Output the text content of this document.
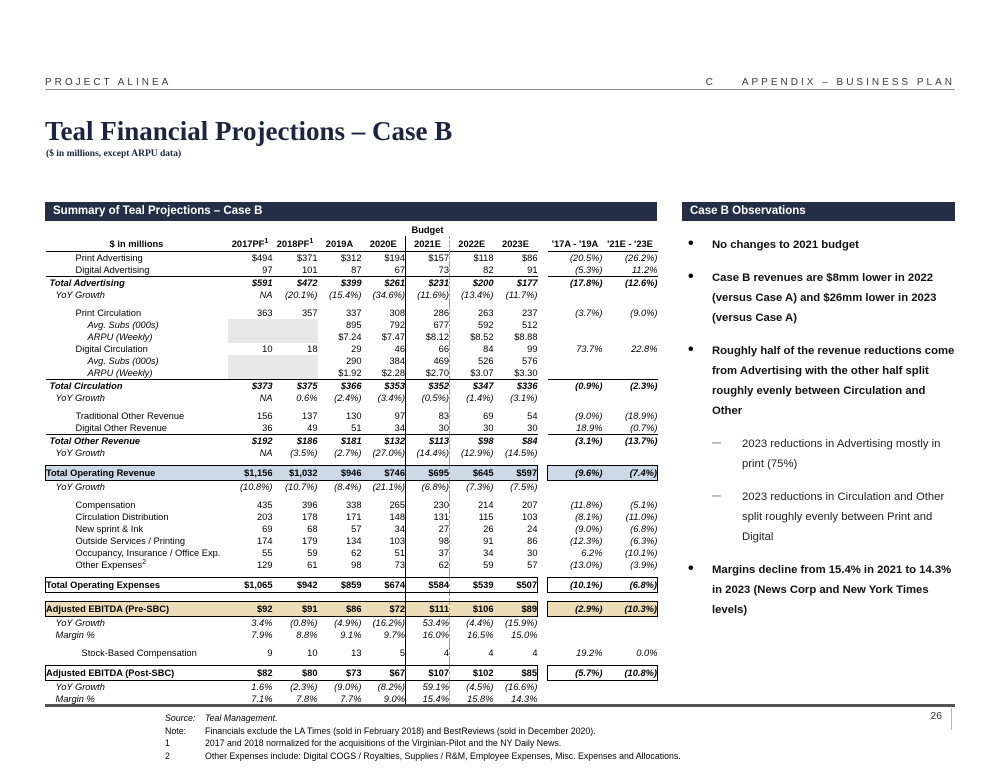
PROJECT ALINEA	C	APPENDIX – BUSINESS PLAN
Teal Financial Projections – Case B
($ in millions, except ARPU data)
Summary of Teal Projections – Case B
					Budget					

$ in millions	$2017PF^1$	$2018PF^1$	2019A	2020E	2021E	2022E	2023E		'17A - '19A	'21E - '23E

Print Advertising	$494	$371	$312	$194	$157	$118	$86		(20.5%)	(26.2%)
Digital Advertising	97	101	87	67	73	82	91		(5.3%)	11.2%
Total Advertising	$591	$472	$399	$261	$231	$200	$177		(17.8%)	(12.6%)
YoY Growth	NA	(20.1%)	(15.4%)	(34.6%)	(11.6%)	(13.4%)	(11.7%)			

Print Circulation	363	357	337	308	286	263	237		(3.7%)	(9.0%)
Avg. Subs (000s)			895	792	677	592	512			
ARPU (Weekly)			$7.24	$7.47	$8.12	$8.52	$8.88			
Digital Circulation	10	18	29	46	66	84	99		73.7%	22.8%
Avg. Subs (000s)			290	384	469	526	576			
ARPU (Weekly)			$1.92	$2.28	$2.70	$3.07	$3.30			
Total Circulation	$373	$375	$366	$353	$352	$347	$336		(0.9%)	(2.3%)
YoY Growth	NA	0.6%	(2.4%)	(3.4%)	(0.5%)	(1.4%)	(3.1%)			

Traditional Other Revenue	156	137	130	97	83	69	54		(9.0%)	(18.9%)
Digital Other Revenue	36	49	51	34	30	30	30		18.9%	(0.7%)
Total Other Revenue	$192	$186	$181	$132	$113	$98	$84		(3.1%)	(13.7%)
YoY Growth	NA	(3.5%)	(2.7%)	(27.0%)	(14.4%)	(12.9%)	(14.5%)			

Total Operating Revenue	$1,156	$1,032	$946	$746	$695	$645	$597		(9.6%)	(7.4%)
YoY Growth	(10.8%)	(10.7%)	(8.4%)	(21.1%)	(6.8%)	(7.3%)	(7.5%)			

Compensation	435	396	338	265	230	214	207		(11.8%)	(5.1%)
Circulation Distribution	203	178	171	148	131	115	103		(8.1%)	(11.0%)
New sprint & Ink	69	68	57	34	27	26	24		(9.0%)	(6.8%)
Outside Services / Printing	174	179	134	103	98	91	86		(12.3%)	(6.3%)
Occupancy, Insurance / Office Exp.	55	59	62	51	37	34	30		6.2%	(10.1%)
Other Expenses$^2$	129	61	98	73	62	59	57		(13.0%)	(3.9%)

Total Operating Expenses	$1,065	$942	$859	$674	$584	$539	$507		(10.1%)	(6.8%)

Adjusted EBITDA (Pre-SBC)	$92	$91	$86	$72	$111	$106	$89		(2.9%)	(10.3%)
YoY Growth	3.4%	(0.8%)	(4.9%)	(16.2%)	53.4%	(4.4%)	(15.9%)			
Margin %	7.9%	8.8%	9.1%	9.7%	16.0%	16.5%	15.0%			

Stock-Based Compensation	9	10	13	5	4	4	4		19.2%	0.0%

Adjusted EBITDA (Post-SBC)	$82	$80	$73	$67	$107	$102	$85		(5.7%)	(10.8%)
YoY Growth	1.6%	(2.3%)	(9.0%)	(8.2%)	59.1%	(4.5%)	(16.6%)			
Margin %	7.1%	7.8%	7.7%	9.0%	15.4%	15.8%	14.3%			
Case B Observations
•	No changes to 2021 budget
•	Case B revenues are $8mm lower in 2022 (versus Case A) and $26mm lower in 2023 (versus Case A)
•	Roughly half of the revenue reductions come from Advertising with the other half split roughly evenly between Circulation and Other
–	2023 reductions in Advertising mostly in print (75%)
–	2023 reductions in Circulation and Other split roughly evenly between Print and Digital
•	Margins decline from 15.4% in 2021 to 14.3% in 2023 (News Corp and New York Times levels)
Source:	Teal Management.
Note:	Financials exclude the LA Times (sold in February 2018) and BestReviews (sold in December 2020).
1	2017 and 2018 normalized for the acquisitions of the Virginian-Pilot and the NY Daily News.
2	Other Expenses include: Digital COGS / Royalties, Supplies / R&M, Employee Expenses, Misc. Expenses and Allocations.
26
